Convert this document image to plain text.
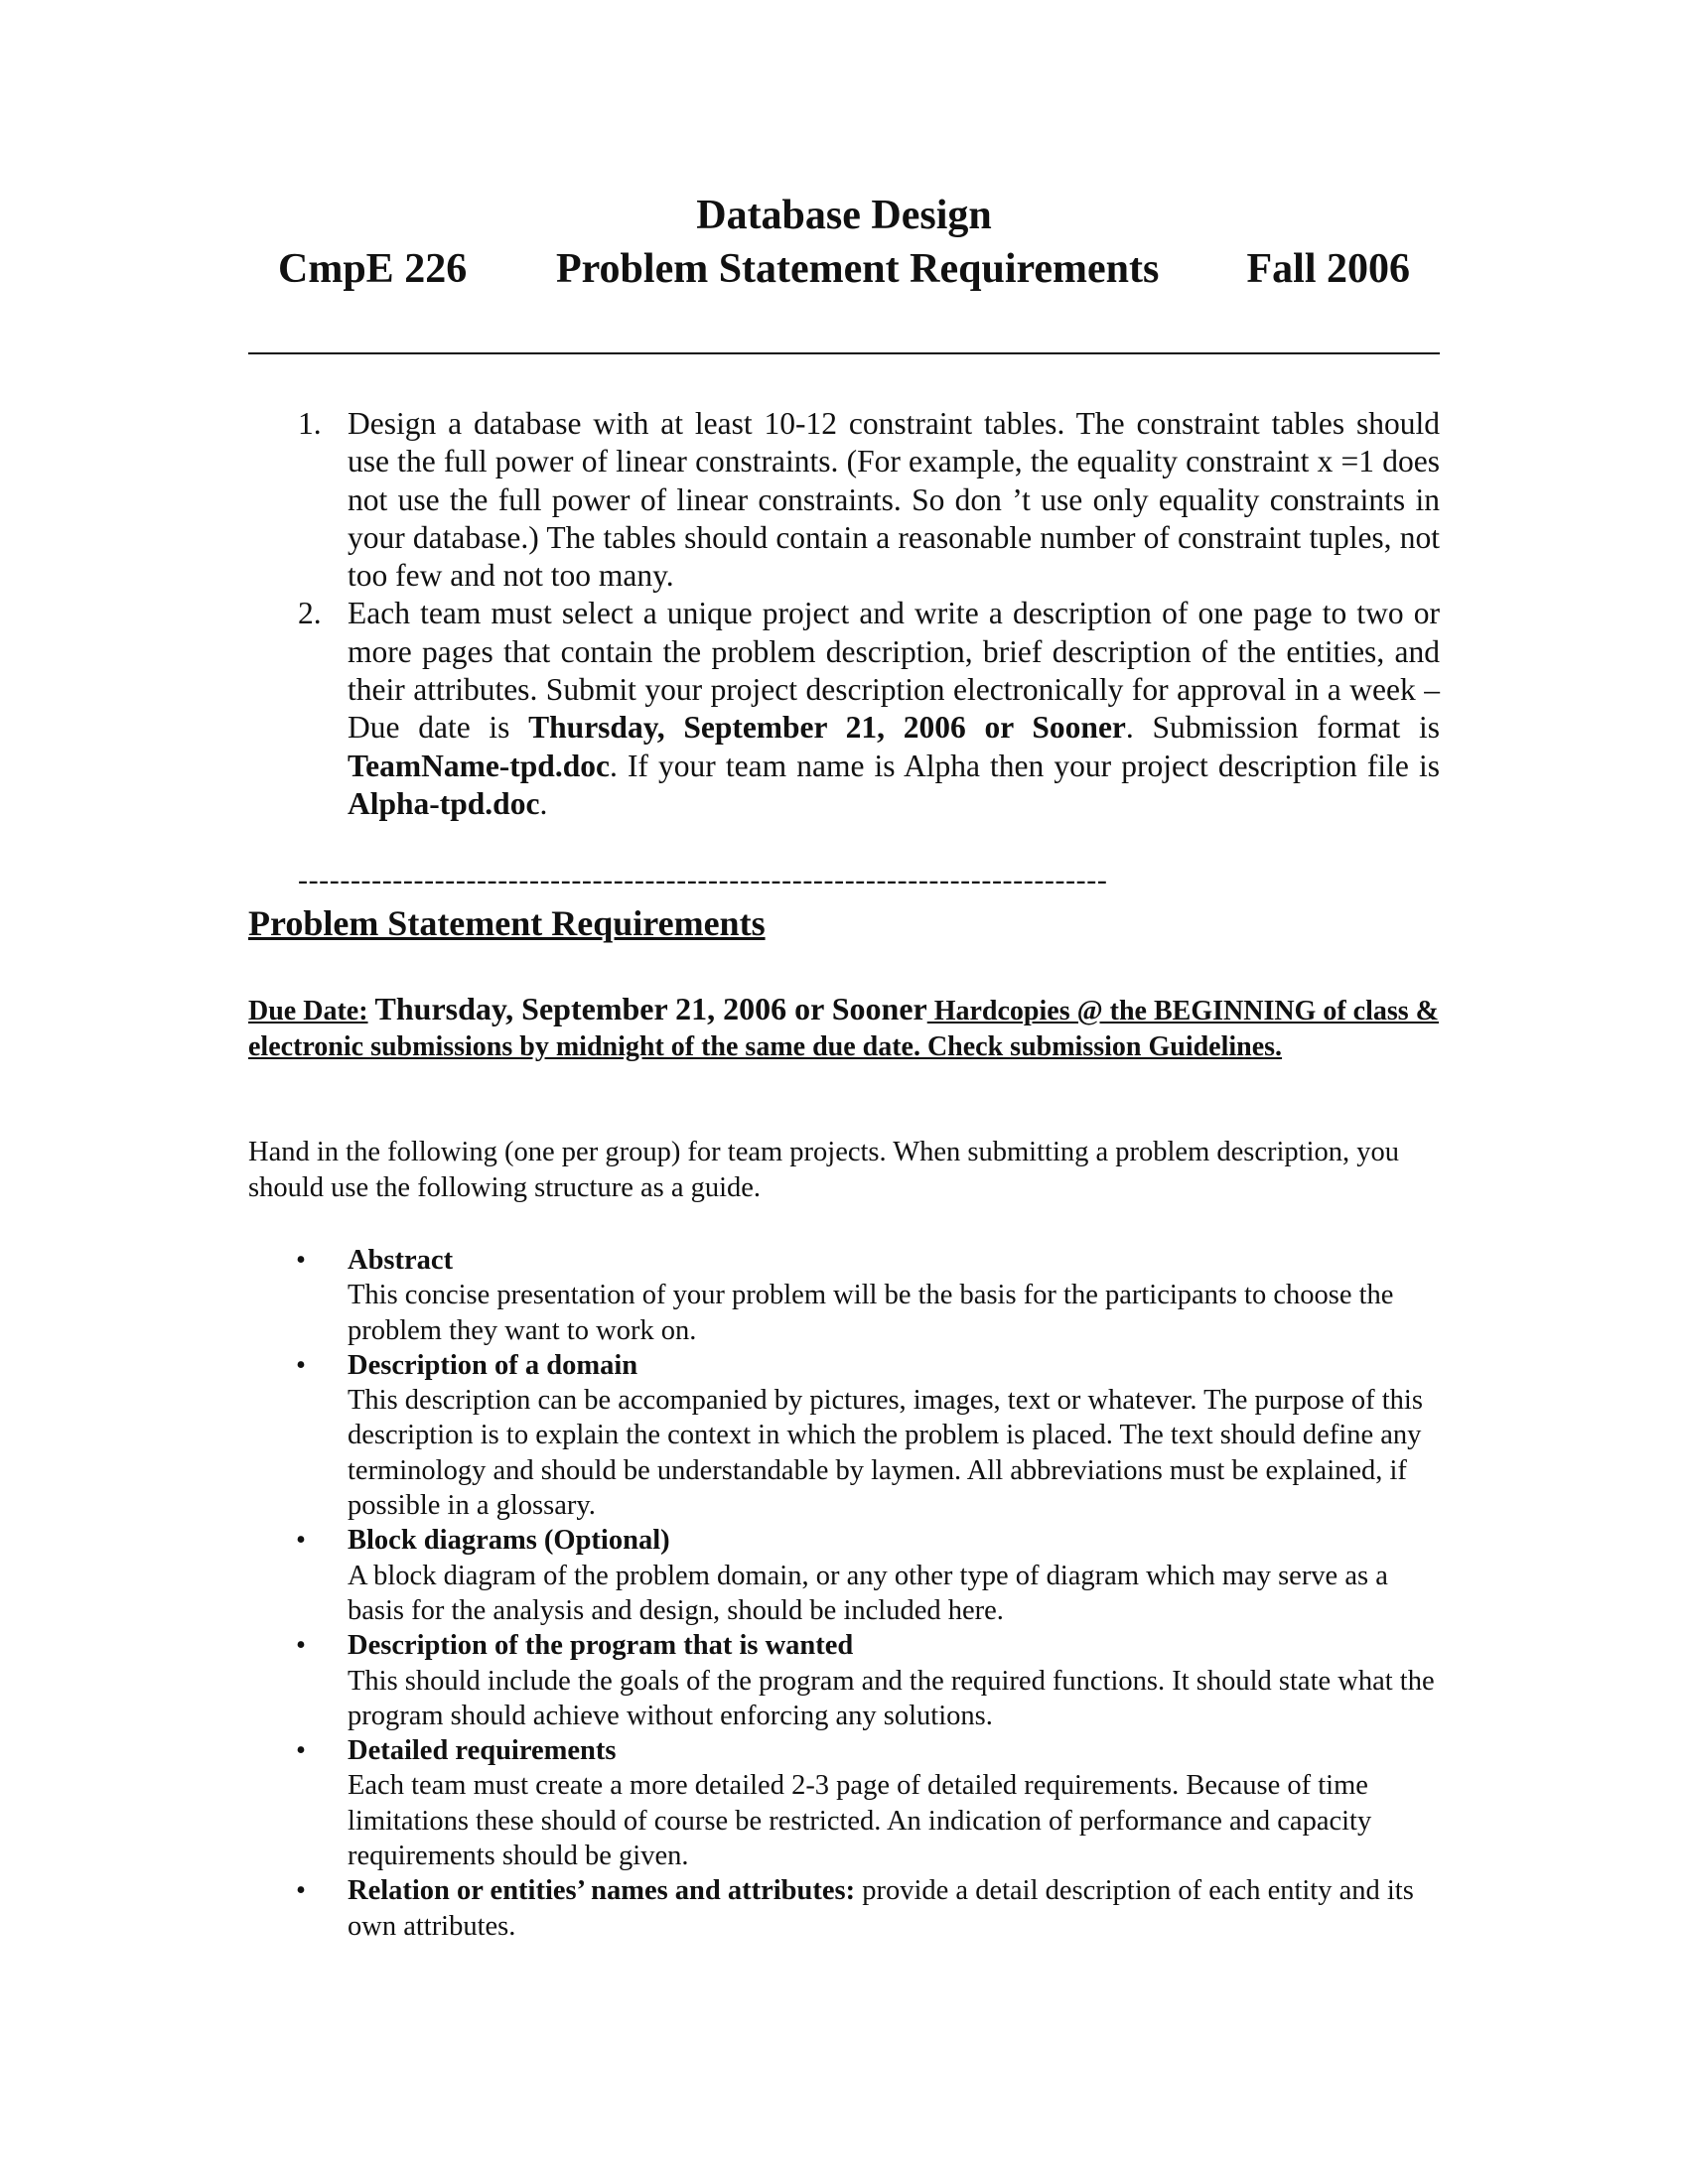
Database Design
CmpE 226 Problem Statement Requirements Fall 2006
1. Design a database with at least 10-12 constraint tables. The constraint tables should use the full power of linear constraints. (For example, the equality constraint x =1 does not use the full power of linear constraints. So don ’t use only equality constraints in your database.) The tables should contain a reasonable number of constraint tuples, not too few and not too many.
2. Each team must select a unique project and write a description of one page to two or more pages that contain the problem description, brief description of the entities, and their attributes. Submit your project description electronically for approval in a week – Due date is Thursday, September 21, 2006 or Sooner. Submission format is TeamName-tpd.doc. If your team name is Alpha then your project description file is Alpha-tpd.doc.
-----------------------------------------------------------------------------
Problem Statement Requirements
Due Date: Thursday, September 21, 2006 or Sooner Hardcopies @ the BEGINNING of class & electronic submissions by midnight of the same due date. Check submission Guidelines.
Hand in the following (one per group) for team projects. When submitting a problem description, you should use the following structure as a guide.
• Abstract
This concise presentation of your problem will be the basis for the participants to choose the problem they want to work on.
• Description of a domain
This description can be accompanied by pictures, images, text or whatever. The purpose of this description is to explain the context in which the problem is placed. The text should define any terminology and should be understandable by laymen. All abbreviations must be explained, if possible in a glossary.
• Block diagrams (Optional)
A block diagram of the problem domain, or any other type of diagram which may serve as a basis for the analysis and design, should be included here.
• Description of the program that is wanted
This should include the goals of the program and the required functions. It should state what the program should achieve without enforcing any solutions.
• Detailed requirements
Each team must create a more detailed 2-3 page of detailed requirements. Because of time limitations these should of course be restricted. An indication of performance and capacity requirements should be given.
• Relation or entities’ names and attributes: provide a detail description of each entity and its own attributes.
